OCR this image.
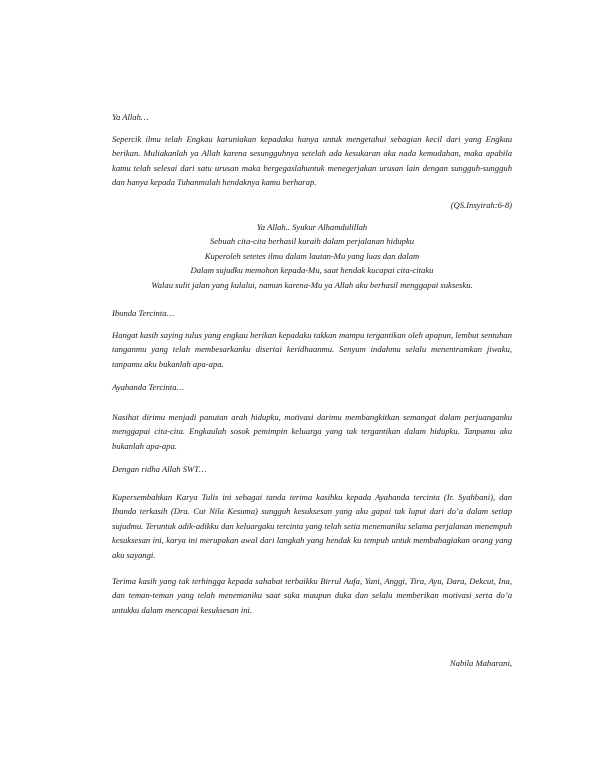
Ya Allah…

Sepercik ilmu telah Engkau karuniakan kepadaku hanya untuk mengetahui sebagian kecil dari yang Engkau berikan. Muliakanlah ya Allah karena sesungguhnya setelah ada kesukaran aka nada kemudahan, maka apabila kamu telah selesai dari satu urusan maka bergegaslahuntuk menegerjakan urusan lain dengan sungguh-sungguh dan hanya kepada Tuhanmulah hendaknya kamu berharap.

(QS.Insyirah:6-8)

Ya Allah.. Syukur Alhamdulillah
Sebuah cita-cita berhasil kuraih dalam perjalanan hidupku
Kuperoleh setetes ilmu dalam lautan-Mu yang luas dan dalam
Dalam sujudku memohon kepada-Mu, saat hendak kucapai cita-citaku
Walau sulit jalan yang kulalui, namun karena-Mu ya Allah aku berhasil menggapai suksesku.

Ibunda Tercinta…

Hangat kasih saying tulus yang engkau berikan kepadaku takkan mampu tergantikan oleh apapun, lembut sentuhan tanganmu yang telah membesarkanku disertai keridhaanmu. Senyum indahmu selalu menentramkan jiwaku, tanpamu aku bukanlah apa-apa.

Ayahanda Tercinta…

Nasihat dirimu menjadi panutan arah hidupku, motivasi darimu membangkitkan semangat dalam perjuanganku menggapai cita-cita. Engkaulah sosok pemimpin keluarga yang tak tergantikan dalam hidupku. Tanpamu aku bukanlah apa-apa.

Dengan ridha Allah SWT…

Kupersembahkan Karya Tulis ini sebagai tanda terima kasihku kepada Ayahanda tercinta (Ir. Syahbani), dan Ibunda terkasih (Dra. Cut Nila Kesuma) sungguh kesuksesan yang aku gapai tak luput dari do’a dalam setiap sujudmu. Teruntuk adik-adikku dan keluargaku tercinta yang telah setia menemaniku selama perjalanan menempuh kesuksesan ini, karya ini merupakan awal dari langkah yang hendak ku tempuh untuk membahagiakan orang yang aku sayangi.

Terima kasih yang tak terhingga kepada sahabat terbaikku Birrul Aufa, Yani, Anggi, Tira, Ayu, Dara, Dekcut, Ina, dan teman-teman yang telah menemaniku saat suka maupun duka dan selalu memberikan motivasi serta do’a untukku dalam mencapai kesuksesan ini.

Nabila Maharani,
